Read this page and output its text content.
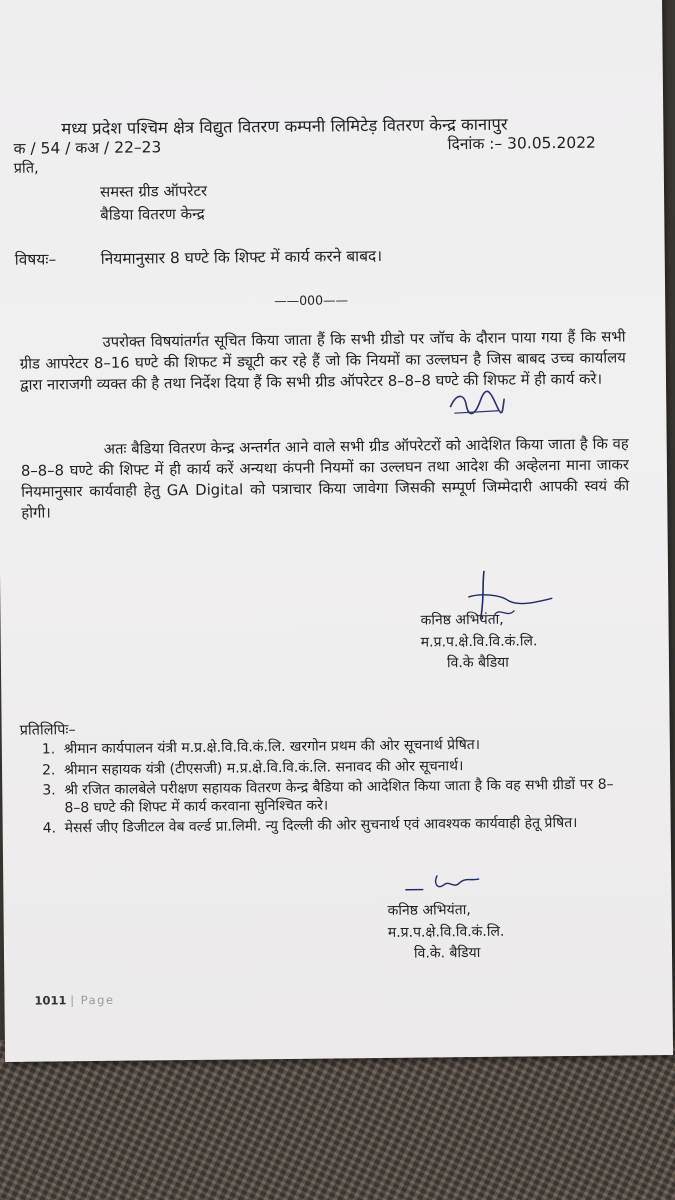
मध्य प्रदेश पश्चिम क्षेत्र विद्युत वितरण कम्पनी लिमिटेड़ वितरण केन्द्र कानापुर
क / 54 / कअ / 22–23	दिनांक :– 30.05.2022
प्रति,
समस्त ग्रीड ऑपरेटर
बैडिया वितरण केन्द्र
विषयः–	नियमानुसार 8 घण्टे कि शिफ्ट में कार्य करने बाबद।
——000——
उपरोक्त विषयांतर्गत सूचित किया जाता हैं कि सभी ग्रीडो पर जॉच के दौरान पाया गया हैं कि सभी ग्रीड आपरेटर 8–16 घण्टे की शिफट में ड्यूटी कर रहे हैं जो कि नियमों का उल्लघन है जिस बाबद उच्च कार्यालय द्वारा नाराजगी व्यक्त की है तथा निर्देश दिया हैं कि सभी ग्रीड ऑपरेटर 8–8–8 घण्टे की शिफट में ही कार्य करे।
अतः बैडिया वितरण केन्द्र अन्तर्गत आने वाले सभी ग्रीड ऑपरेटरों को आदेशित किया जाता है कि वह 8–8–8 घण्टे की शिफ्ट में ही कार्य करें अन्यथा कंपनी नियमों का उल्लघन तथा आदेश की अव्हेलना माना जाकर नियमानुसार कार्यवाही हेतु GA Digital को पत्राचार किया जावेगा जिसकी सम्पूर्ण जिम्मेदारी आपकी स्वयं की होगी।
कनिष्ठ अभियंता,
म.प्र.प.क्षे.वि.वि.कं.लि.
वि.के बैडिया
प्रतिलिपिः–
1. श्रीमान कार्यपालन यंत्री म.प्र.क्षे.वि.वि.कं.लि. खरगोन प्रथम की ओर सूचनार्थ प्रेषित।
2. श्रीमान सहायक यंत्री (टीएसजी) म.प्र.क्षे.वि.वि.कं.लि. सनावद की ओर सूचनार्थ।
3. श्री रजित कालबेले परीक्षण सहायक वितरण केन्द्र बैडिया को आदेशित किया जाता है कि वह सभी ग्रीडों पर 8–8–8 घण्टे की शिफ्ट में कार्य करवाना सुनिश्चित करे।
4. मेसर्स जीए डिजीटल वेब वर्ल्ड प्रा.लिमी. न्यु दिल्ली की ओर सुचनार्थ एवं आवश्यक कार्यवाही हेतू प्रेषित।
कनिष्ठ अभियंता,
म.प्र.प.क्षे.वि.वि.कं.लि.
वि.के. बैडिया
1011 | Page
